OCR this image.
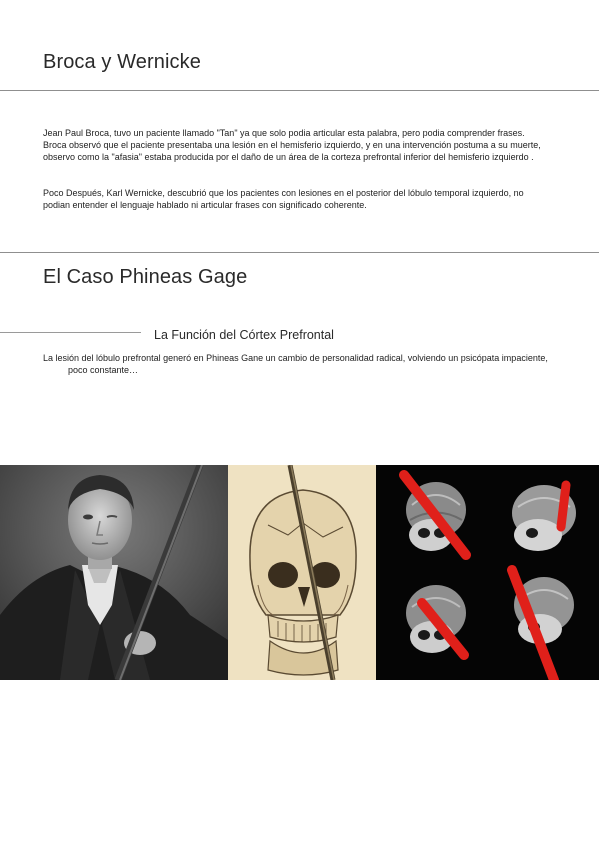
Broca y Wernicke

Jean Paul Broca, tuvo un paciente llamado "Tan" ya que solo podia articular esta palabra, pero podia comprender frases. Broca observó que el paciente presentaba una lesión en el hemisferio izquierdo, y en una intervención postuma a su muerte, observo como la "afasia" estaba producida por el daño de un área de la corteza prefrontal inferior del hemisferio izquierdo .

Poco Después, Karl Wernicke, descubrió que los pacientes con lesiones en el posterior del lóbulo temporal izquierdo, no podian entender el lenguaje hablado ni articular frases con significado coherente.

El Caso Phineas Gage
La Función del Córtex Prefrontal

La lesión del lóbulo prefrontal generó en Phineas Gane un cambio de personalidad radical, volviendo un psicópata impaciente, poco constante…
